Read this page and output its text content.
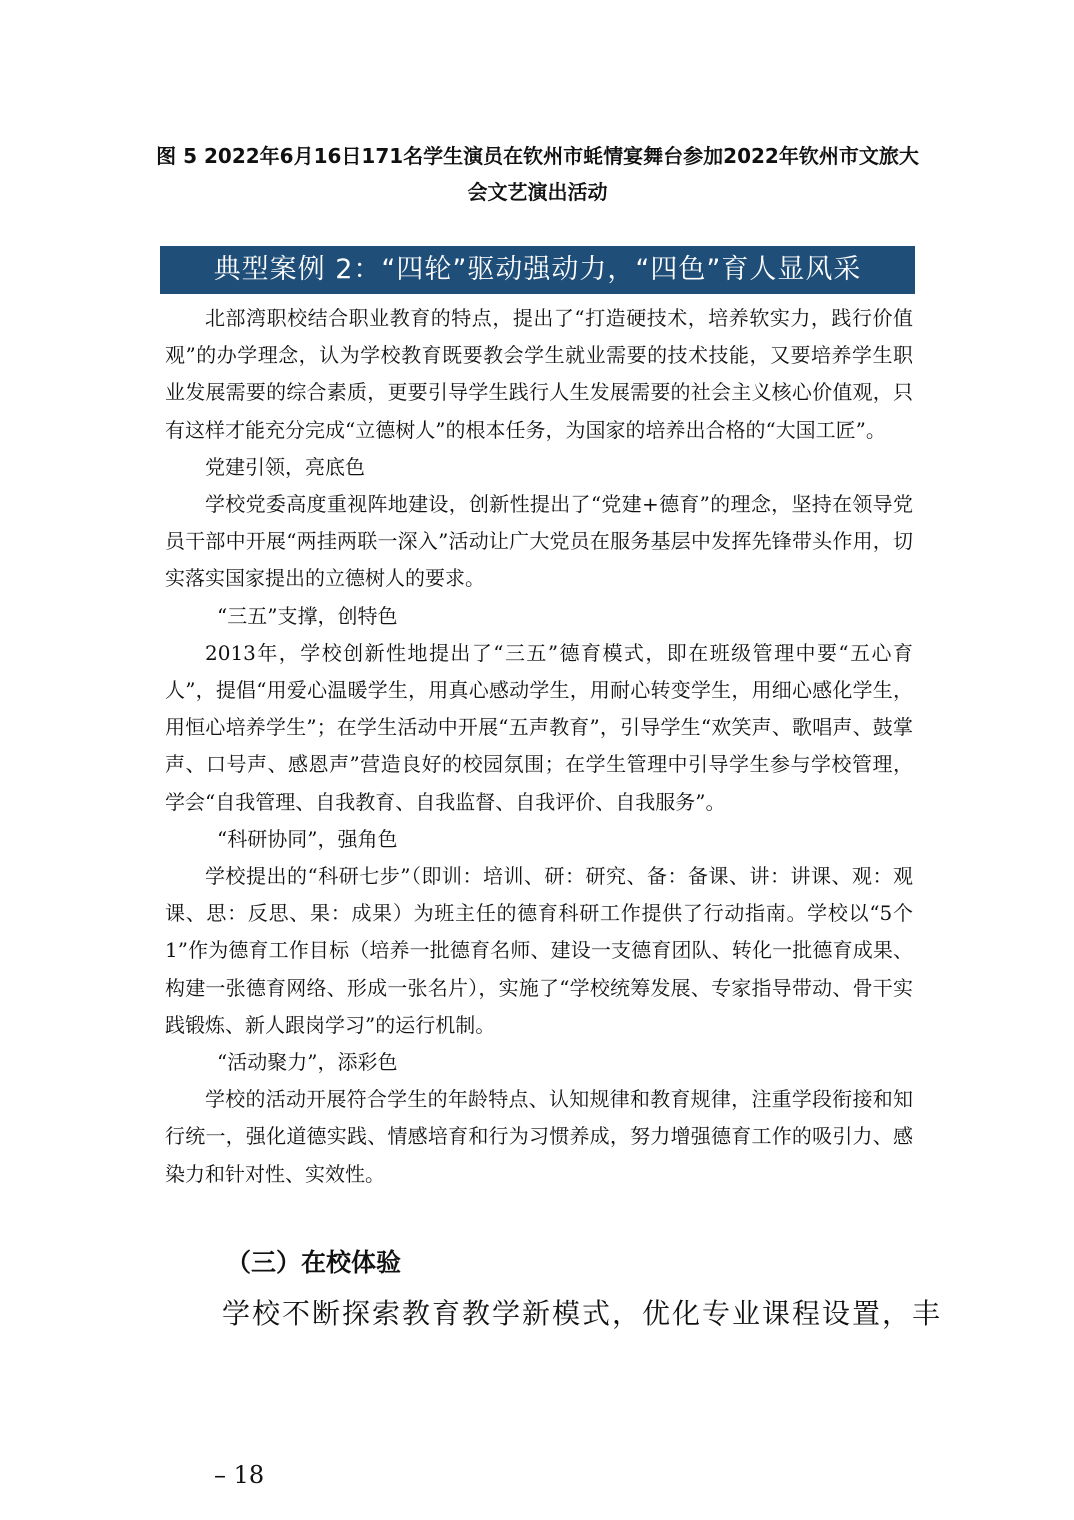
图 5 2022年6月16日171名学生演员在钦州市蚝情宴舞台参加2022年钦州市文旅大会文艺演出活动
典型案例 2：“四轮”驱动强动力，“四色”育人显风采

北部湾职校结合职业教育的特点，提出了“打造硬技术，培养软实力，践行价值观”的办学理念，认为学校教育既要教会学生就业需要的技术技能，又要培养学生职业发展需要的综合素质，更要引导学生践行人生发展需要的社会主义核心价值观，只有这样才能充分完成“立德树人”的根本任务，为国家的培养出合格的“大国工匠”。

党建引领，亮底色

学校党委高度重视阵地建设，创新性提出了“党建+德育”的理念，坚持在领导党员干部中开展“两挂两联一深入”活动让广大党员在服务基层中发挥先锋带头作用，切实落实国家提出的立德树人的要求。

“三五”支撑，创特色

2013年，学校创新性地提出了“三五”德育模式，即在班级管理中要“五心育人”，提倡“用爱心温暖学生，用真心感动学生，用耐心转变学生，用细心感化学生，用恒心培养学生”；在学生活动中开展“五声教育”，引导学生“欢笑声、歌唱声、鼓掌声、口号声、感恩声”营造良好的校园氛围；在学生管理中引导学生参与学校管理，学会“自我管理、自我教育、自我监督、自我评价、自我服务”。

“科研协同”，强角色

学校提出的“科研七步”（即训：培训、研：研究、备：备课、讲：讲课、观：观课、思：反思、果：成果）为班主任的德育科研工作提供了行动指南。学校以“5个1”作为德育工作目标（培养一批德育名师、建设一支德育团队、转化一批德育成果、构建一张德育网络、形成一张名片），实施了“学校统筹发展、专家指导带动、骨干实践锻炼、新人跟岗学习”的运行机制。

“活动聚力”，添彩色

学校的活动开展符合学生的年龄特点、认知规律和教育规律，注重学段衔接和知行统一，强化道德实践、情感培育和行为习惯养成，努力增强德育工作的吸引力、感染力和针对性、实效性。

（三）在校体验
学校不断探索教育教学新模式，优化专业课程设置，丰
– 18
